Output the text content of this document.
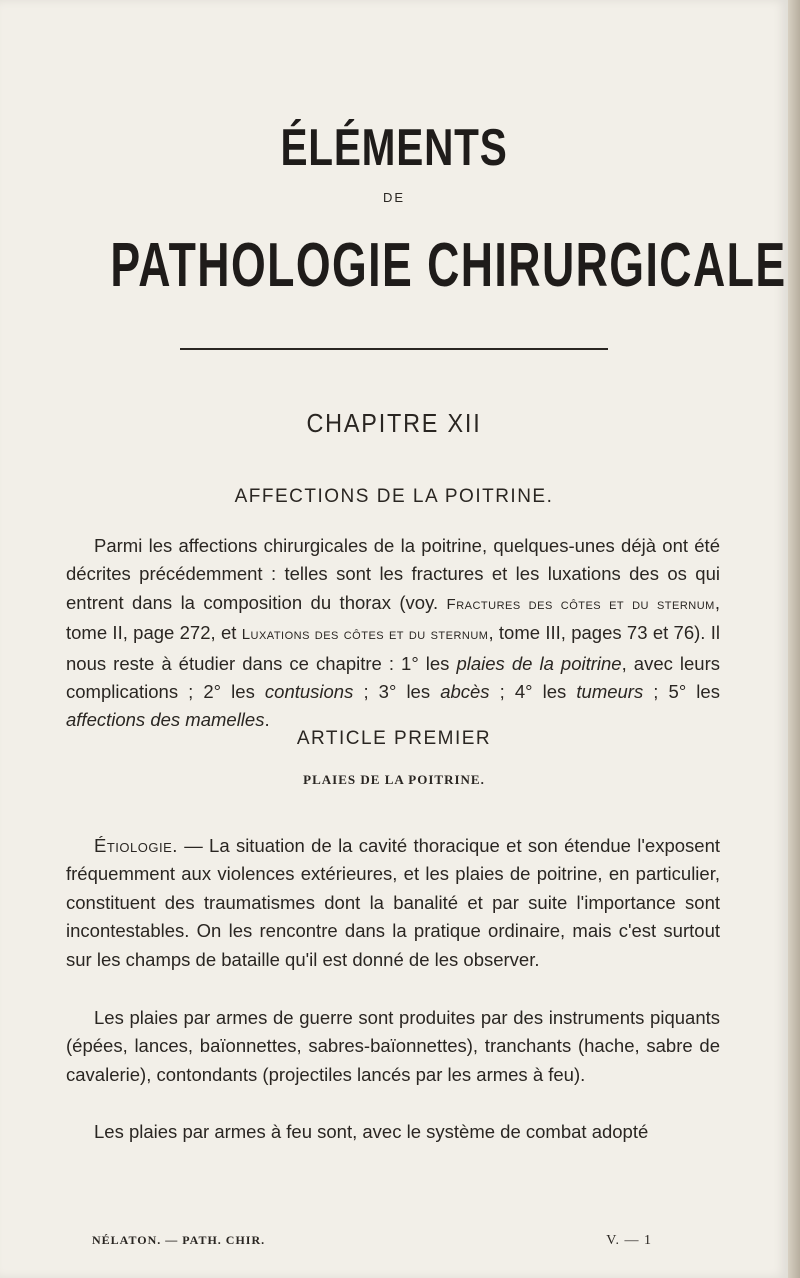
ÉLÉMENTS
DE
PATHOLOGIE CHIRURGICALE
CHAPITRE XII
AFFECTIONS DE LA POITRINE.
Parmi les affections chirurgicales de la poitrine, quelques-unes déjà ont été décrites précédemment : telles sont les fractures et les luxations des os qui entrent dans la composition du thorax (voy. Fractures des côtes et du sternum, tome II, page 272, et Luxations des côtes et du sternum, tome III, pages 73 et 76). Il nous reste à étudier dans ce chapitre : 1° les plaies de la poitrine, avec leurs complications ; 2° les contusions ; 3° les abcès ; 4° les tumeurs ; 5° les affections des mamelles.
ARTICLE PREMIER
PLAIES DE LA POITRINE.
Étiologie. — La situation de la cavité thoracique et son étendue l'exposent fréquemment aux violences extérieures, et les plaies de poitrine, en particulier, constituent des traumatismes dont la banalité et par suite l'importance sont incontestables. On les rencontre dans la pratique ordinaire, mais c'est surtout sur les champs de bataille qu'il est donné de les observer.
Les plaies par armes de guerre sont produites par des instruments piquants (épées, lances, baïonnettes, sabres-baïonnettes), tranchants (hache, sabre de cavalerie), contondants (projectiles lancés par les armes à feu).
Les plaies par armes à feu sont, avec le système de combat adopté
NÉLATON. — PATH. CHIR.	V. — 1
